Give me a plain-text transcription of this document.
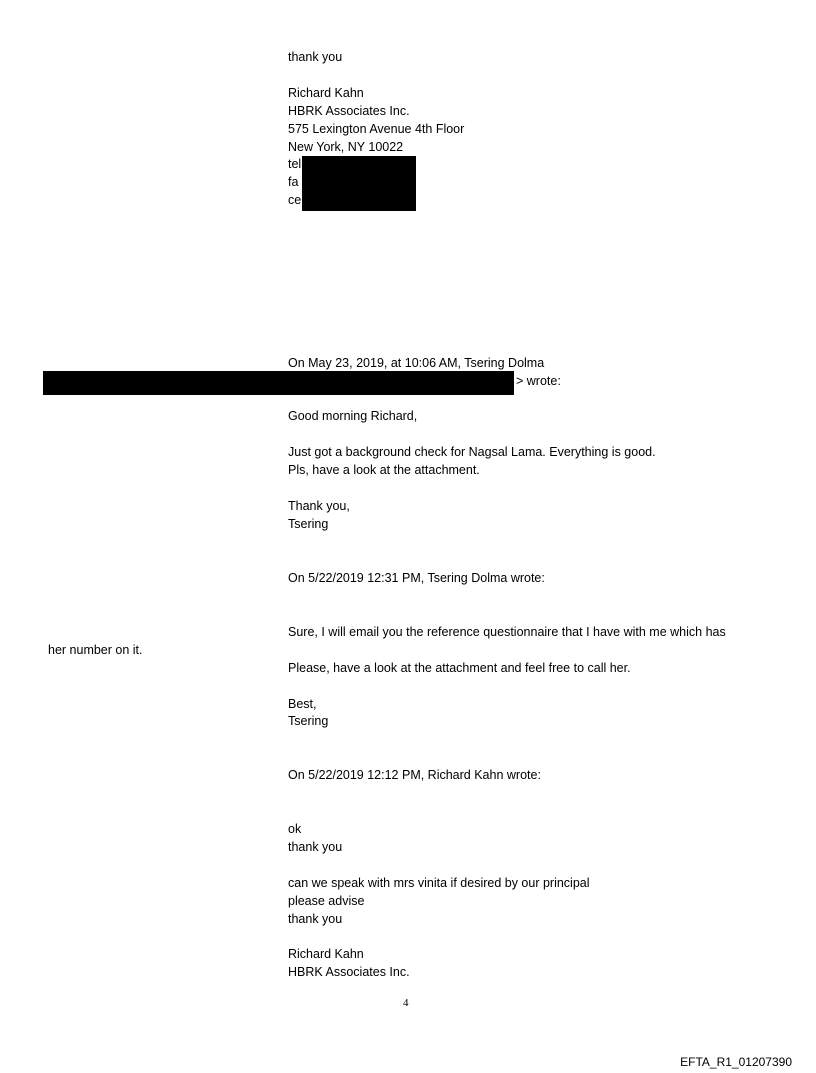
thank you
Richard Kahn
HBRK Associates Inc.
575 Lexington Avenue 4th Floor
New York, NY 10022
tel
fa
ce
On May 23, 2019, at 10:06 AM, Tsering Dolma
> wrote:
Good morning Richard,
Just got a background check for Nagsal Lama. Everything is good.
Pls, have a look at the attachment.
Thank you,
Tsering
On 5/22/2019 12:31 PM, Tsering Dolma wrote:
Sure, I will email you the reference questionnaire that I have with me which has
her number on it.
Please, have a look at the attachment and feel free to call her.
Best,
Tsering
On 5/22/2019 12:12 PM, Richard Kahn wrote:
ok
thank you
can we speak with mrs vinita if desired by our principal
please advise
thank you
Richard Kahn
HBRK Associates Inc.
4
EFTA_R1_01207390
